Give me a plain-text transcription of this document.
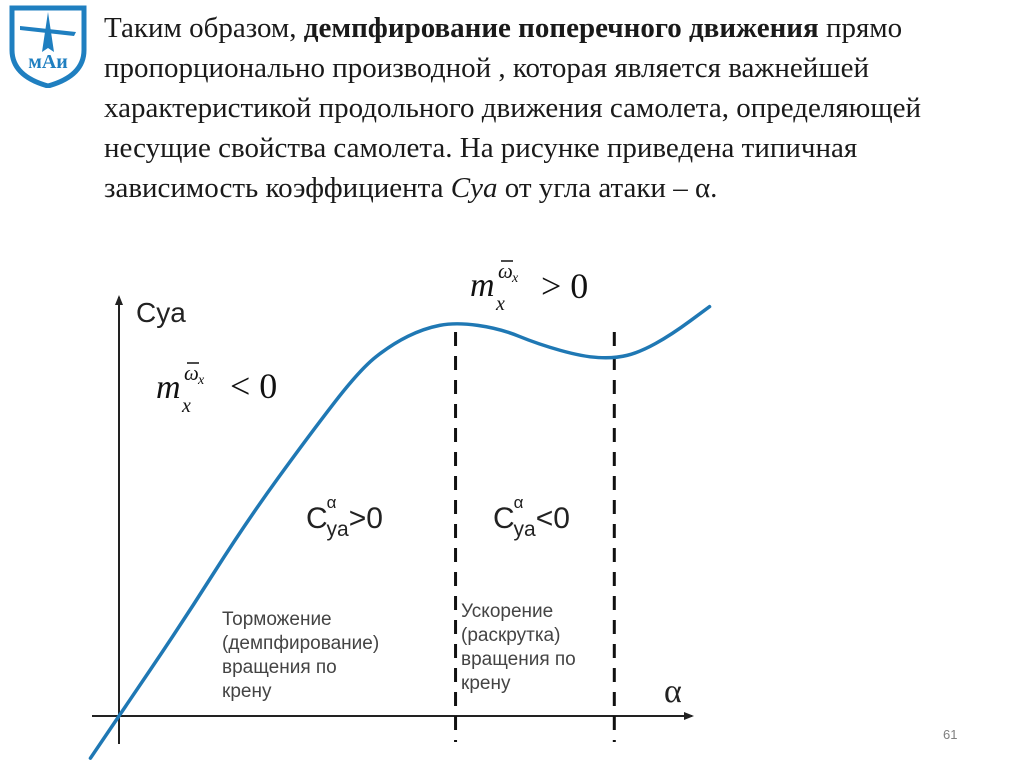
мАи

Таким образом, демпфирование поперечного движения прямо пропорционально производной , которая является важнейшей характеристикой продольного движения самолета, определяющей несущие свойства самолета. На рисунке приведена типичная зависимость коэффициента Cya от угла атаки – α.

Cya
α
Cα ya>0	Cα ya<0
Торможение (демпфирование) вращения по крену
Ускорение (раскрутка) вращения по крену
m x
ω x < 0
m x
ω x > 0
61
